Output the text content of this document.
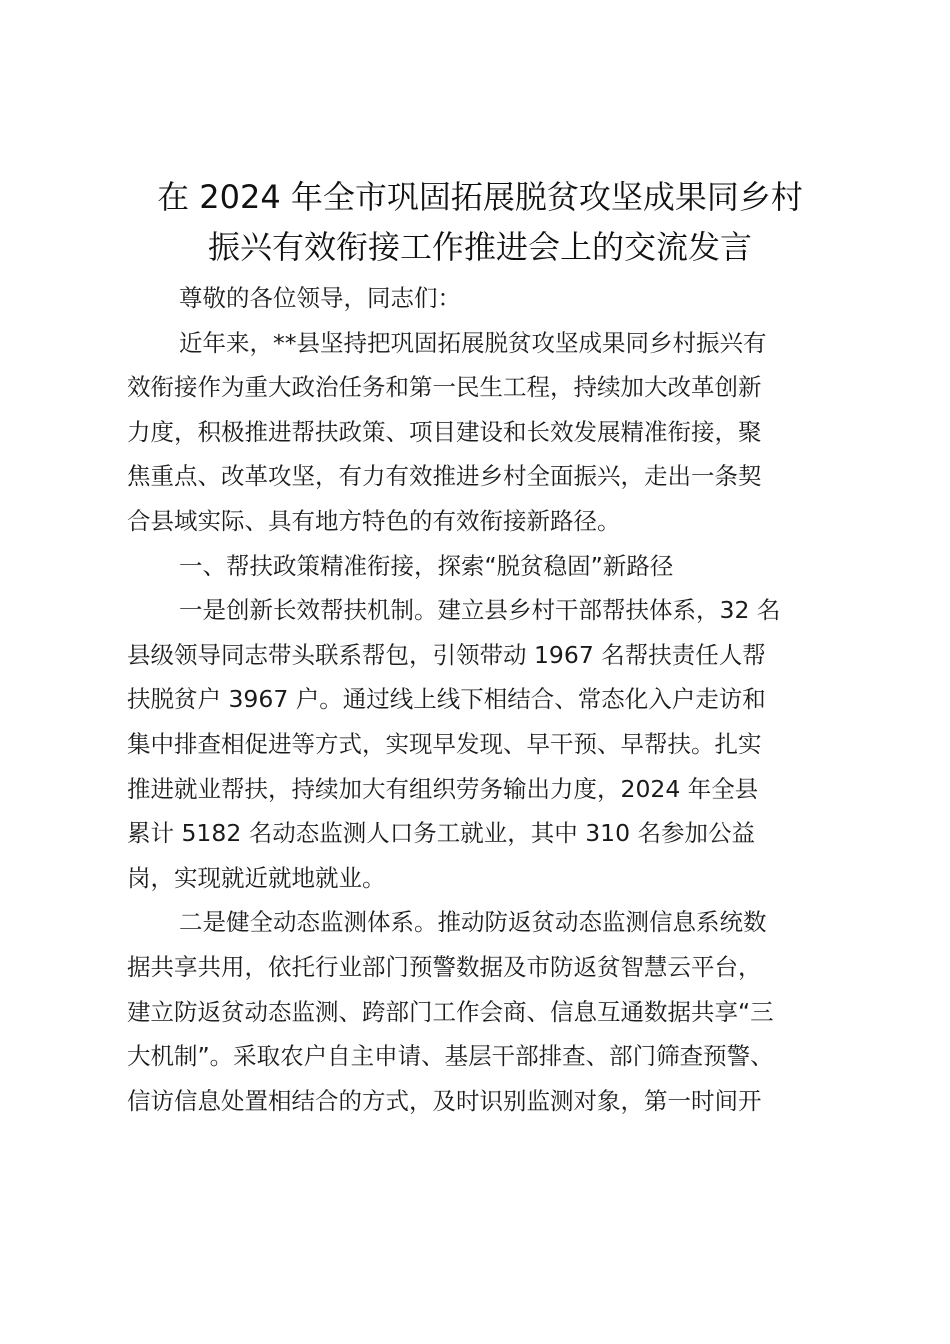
在 2024 年全市巩固拓展脱贫攻坚成果同乡村
振兴有效衔接工作推进会上的交流发言
尊敬的各位领导，同志们：
近年来，**县坚持把巩固拓展脱贫攻坚成果同乡村振兴有
效衔接作为重大政治任务和第一民生工程，持续加大改革创新
力度，积极推进帮扶政策、项目建设和长效发展精准衔接，聚
焦重点、改革攻坚，有力有效推进乡村全面振兴，走出一条契
合县域实际、具有地方特色的有效衔接新路径。
一、帮扶政策精准衔接，探索“脱贫稳固”新路径
一是创新长效帮扶机制。建立县乡村干部帮扶体系，32 名
县级领导同志带头联系帮包，引领带动 1967 名帮扶责任人帮
扶脱贫户 3967 户。通过线上线下相结合、常态化入户走访和
集中排查相促进等方式，实现早发现、早干预、早帮扶。扎实
推进就业帮扶，持续加大有组织劳务输出力度，2024 年全县
累计 5182 名动态监测人口务工就业，其中 310 名参加公益
岗，实现就近就地就业。
二是健全动态监测体系。推动防返贫动态监测信息系统数
据共享共用，依托行业部门预警数据及市防返贫智慧云平台，
建立防返贫动态监测、跨部门工作会商、信息互通数据共享“三
大机制”。采取农户自主申请、基层干部排查、部门筛查预警、
信访信息处置相结合的方式，及时识别监测对象，第一时间开
